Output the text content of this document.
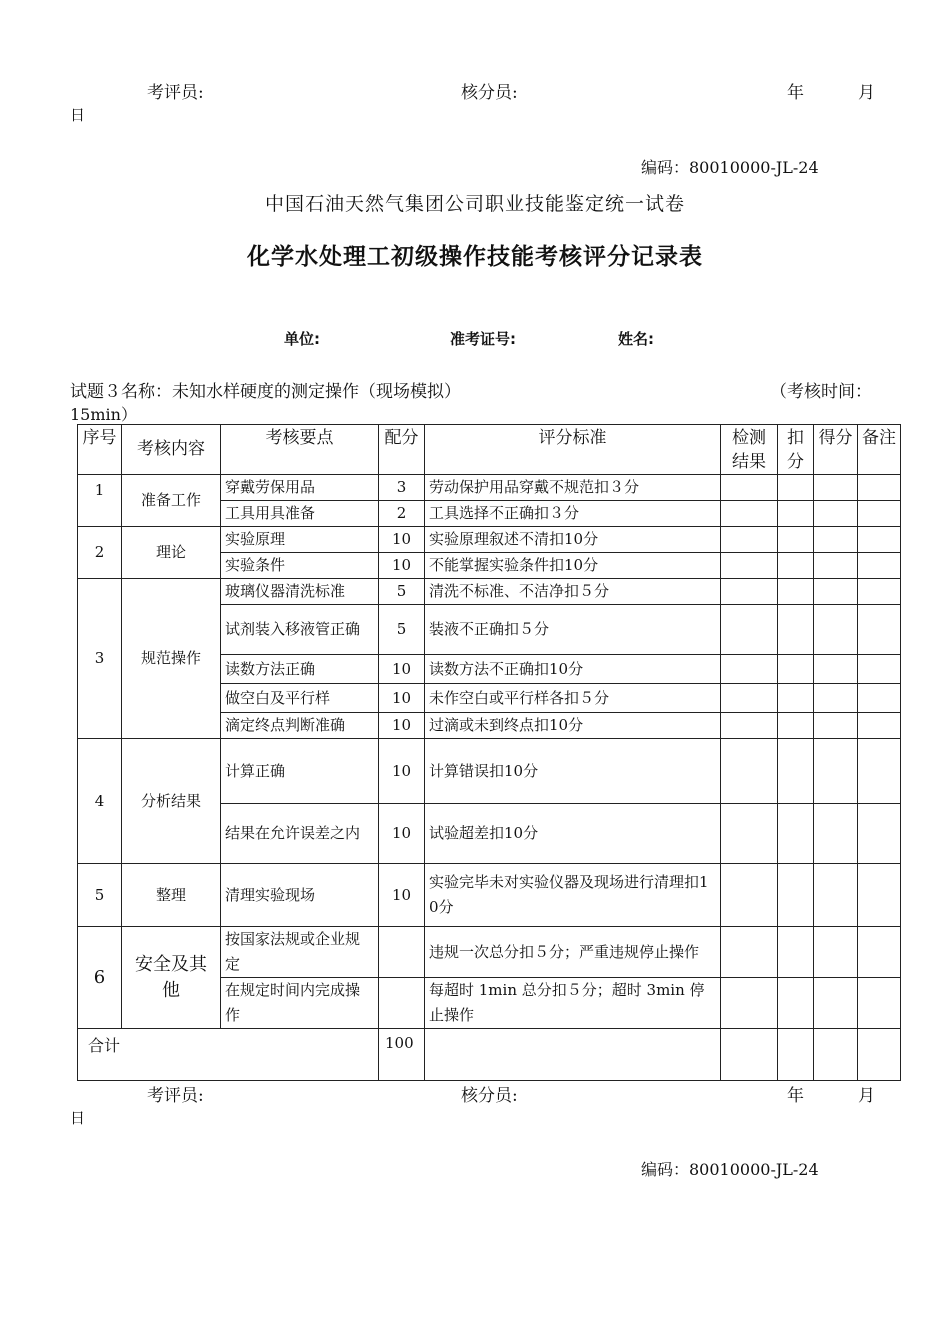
考评员:	核分员:	年	月
日
编码：80010000-JL-24
中国石油天然气集团公司职业技能鉴定统一试卷
化学水处理工初级操作技能考核评分记录表
单位:	准考证号:	姓名:
试题３名称：未知水样硬度的测定操作（现场模拟）	（考核时间：
15min）
序号	考核内容	考核要点	配分	评分标准	检测结果	扣分	得分	备注
1	准备工作	穿戴劳保用品	3	劳动保护用品穿戴不规范扣３分				
		工具用具准备	2	工具选择不正确扣３分				
2	理论	实验原理	10	实验原理叙述不清扣10分				
		实验条件	10	不能掌握实验条件扣10分				
3	规范操作	玻璃仪器清洗标准	5	清洗不标准、不洁净扣５分				
		试剂装入移液管正确	5	装液不正确扣５分				
		读数方法正确	10	读数方法不正确扣10分				
		做空白及平行样	10	未作空白或平行样各扣５分				
		滴定终点判断准确	10	过滴或未到终点扣10分				
4	分析结果	计算正确	10	计算错误扣10分				
		结果在允许误差之内	10	试验超差扣10分				
5	整理	清理实验现场	10	实验完毕未对实验仪器及现场进行清理扣10分				
6	安全及其他	按国家法规或企业规定		违规一次总分扣５分；严重违规停止操作				
		在规定时间内完成操作		每超时 1min 总分扣５分；超时 3min 停止操作				
合计			100					
考评员:	核分员:	年	月
日
编码：80010000-JL-24
